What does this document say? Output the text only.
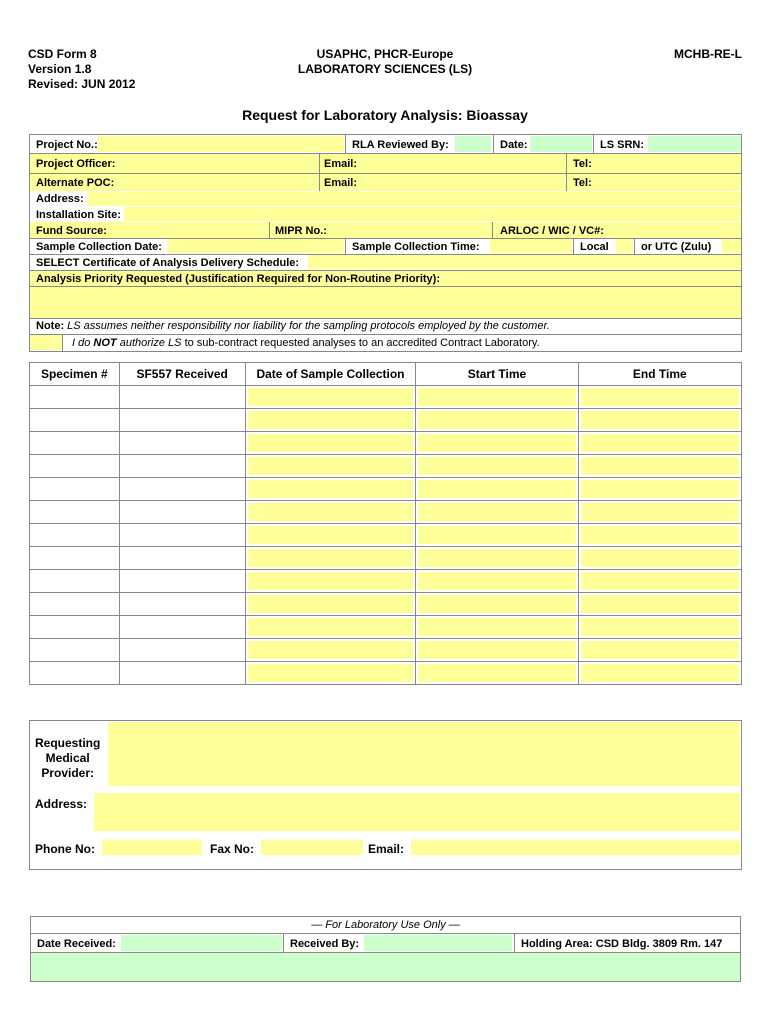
CSD Form 8
Version 1.8
Revised: JUN 2012
USAPHC, PHCR-Europe
LABORATORY SCIENCES (LS)
MCHB-RE-L
Request for Laboratory Analysis: Bioassay
Project No.:	RLA Reviewed By:	Date:	LS SRN:
Project Officer:	Email:	Tel:
Alternate POC:	Email:	Tel:
Address:
Installation Site:
Fund Source:	MIPR No.:	ARLOC / WIC / VC#:
Sample Collection Date:	Sample Collection Time:	Local	or UTC (Zulu)
SELECT Certificate of Analysis Delivery Schedule:
Analysis Priority Requested (Justification Required for Non-Routine Priority):
Note: LS assumes neither responsibility nor liability for the sampling protocols employed by the customer.
I do NOT authorize LS to sub-contract requested analyses to an accredited Contract Laboratory.
Specimen #	SF557 Received	Date of Sample Collection	Start Time	End Time

Requesting
Medical
Provider:
Address:
Phone No:	Fax No:	Email:
— For Laboratory Use Only —
Date Received:	Received By:	Holding Area: CSD Bldg. 3809 Rm. 147
